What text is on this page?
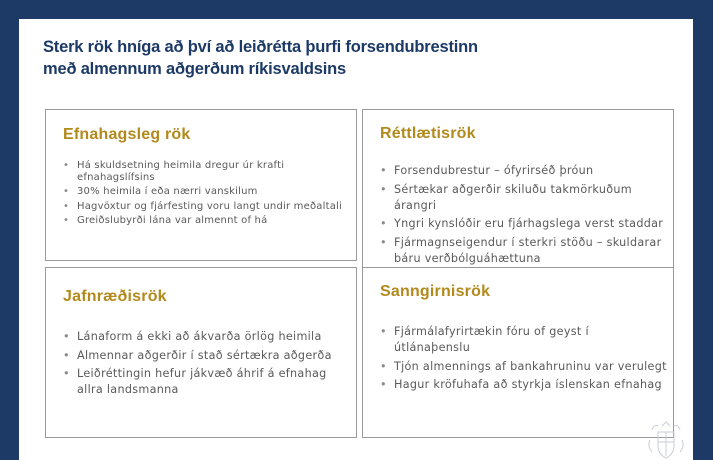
Sterk rök hníga að því að leiðrétta þurfi forsendubrestinn
með almennum aðgerðum ríkisvaldsins
Efnahagsleg rök
• Há skuldsetning heimila dregur úr krafti efnahagslífsins
• 30% heimila í eða nærri vanskilum
• Hagvöxtur og fjárfesting voru langt undir meðaltali
• Greiðslubyrði lána var almennt of há
Réttlætisrök
• Forsendubrestur – ófyrirséð þróun
• Sértækar aðgerðir skiluðu takmörkuðum árangri
• Yngri kynslóðir eru fjárhagslega verst staddar
• Fjármagnseigendur í sterkri stöðu – skuldarar báru verðbólguáhættuna
Jafnræðisrök
• Lánaform á ekki að ákvarða örlög heimila
• Almennar aðgerðir í stað sértækra aðgerða
• Leiðréttingin hefur jákvæð áhrif á efnahag allra landsmanna
Sanngirnisrök
• Fjármálafyrirtækin fóru of geyst í útlánaþenslu
• Tjón almennings af bankahruninu var verulegt
• Hagur kröfuhafa að styrkja íslenskan efnahag
